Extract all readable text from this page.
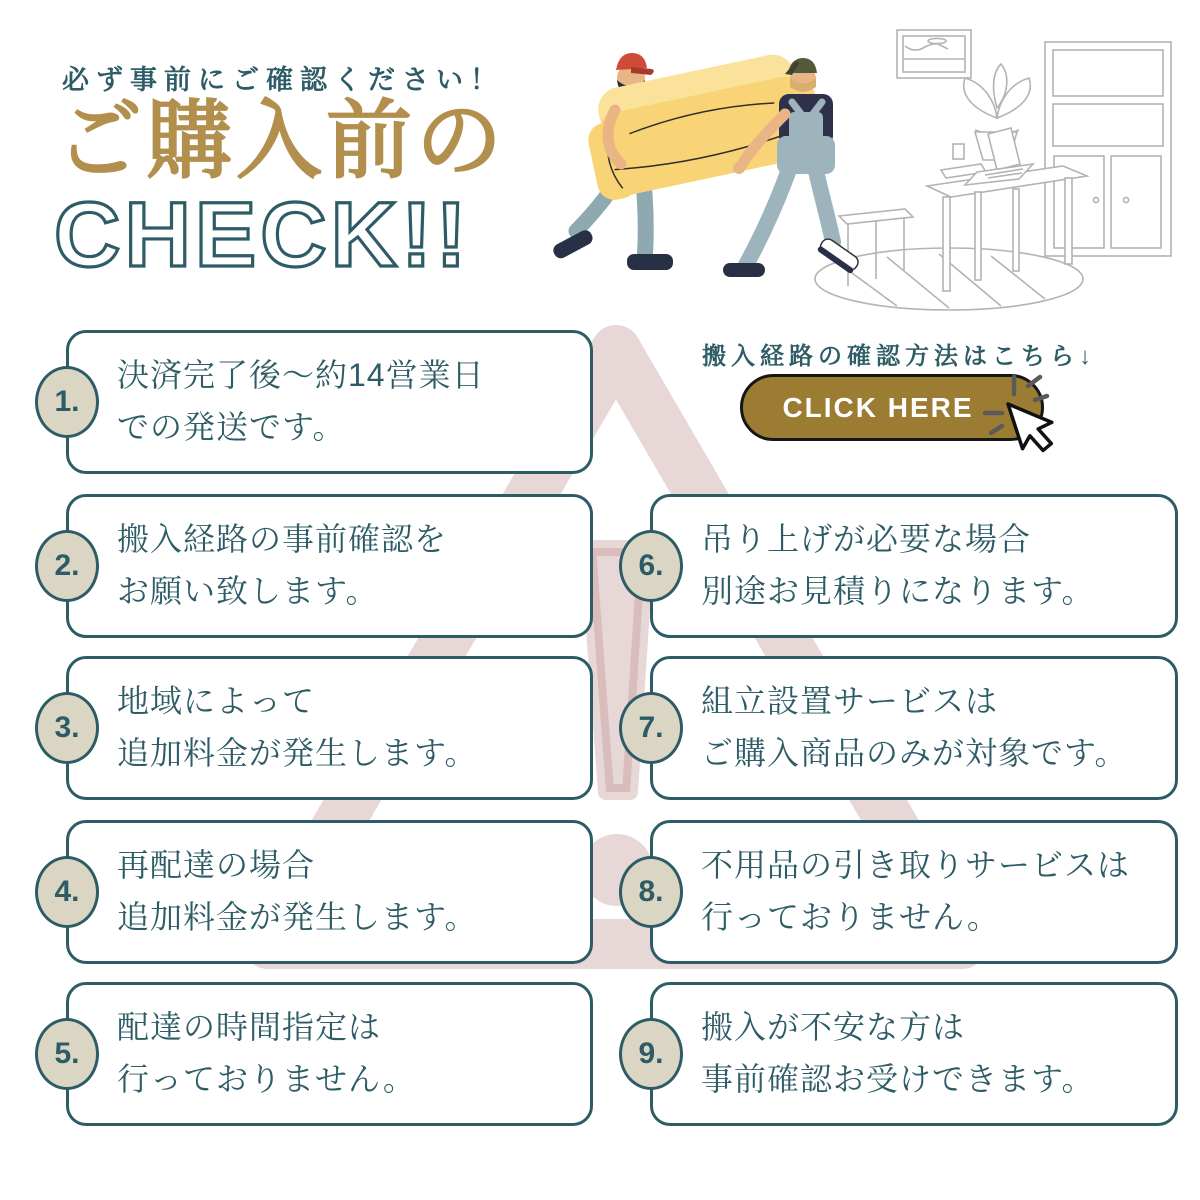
必ず事前にご確認ください！
ご購入前の
CHECK!!
搬入経路の確認方法はこちら↓
CLICK HERE
1.

決済完了後〜約14営業日
での発送です。

2.

搬入経路の事前確認を
お願い致します。

3.

地域によって
追加料金が発生します。

4.

再配達の場合
追加料金が発生します。

5.

配達の時間指定は
行っておりません。

6.

吊り上げが必要な場合
別途お見積りになります。

7.

組立設置サービスは
ご購入商品のみが対象です。

8.

不用品の引き取りサービスは
行っておりません。

9.

搬入が不安な方は
事前確認お受けできます。
